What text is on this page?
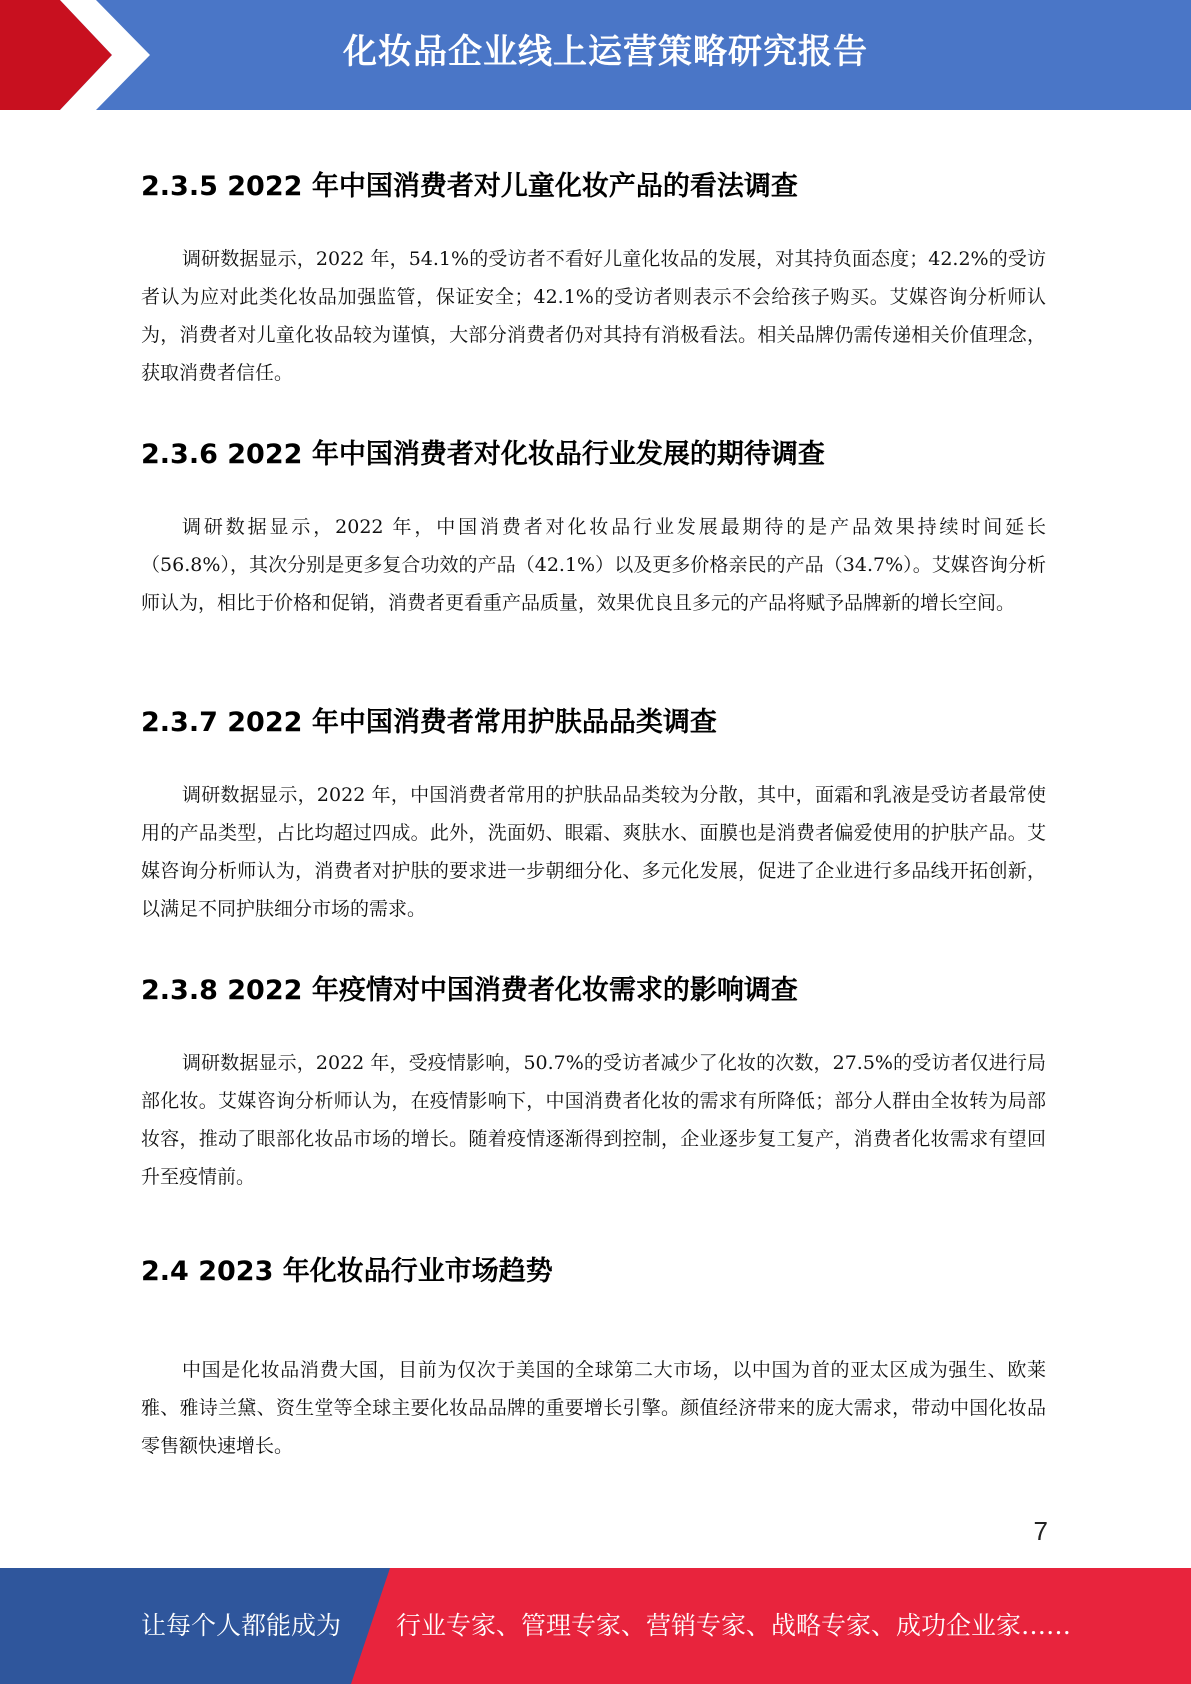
化妆品企业线上运营策略研究报告
2.3.5 2022 年中国消费者对儿童化妆产品的看法调查

调研数据显示，2022 年，54.1%的受访者不看好儿童化妆品的发展，对其持负面态度；42.2%的受访者认为应对此类化妆品加强监管，保证安全；42.1%的受访者则表示不会给孩子购买。艾媒咨询分析师认为，消费者对儿童化妆品较为谨慎，大部分消费者仍对其持有消极看法。相关品牌仍需传递相关价值理念，获取消费者信任。

2.3.6 2022 年中国消费者对化妆品行业发展的期待调查

调研数据显示，2022 年，中国消费者对化妆品行业发展最期待的是产品效果持续时间延长（56.8%），其次分别是更多复合功效的产品（42.1%）以及更多价格亲民的产品（34.7%）。艾媒咨询分析师认为，相比于价格和促销，消费者更看重产品质量，效果优良且多元的产品将赋予品牌新的增长空间。

2.3.7 2022 年中国消费者常用护肤品品类调查

调研数据显示，2022 年，中国消费者常用的护肤品品类较为分散，其中，面霜和乳液是受访者最常使用的产品类型，占比均超过四成。此外，洗面奶、眼霜、爽肤水、面膜也是消费者偏爱使用的护肤产品。艾媒咨询分析师认为，消费者对护肤的要求进一步朝细分化、多元化发展，促进了企业进行多品线开拓创新，以满足不同护肤细分市场的需求。

2.3.8 2022 年疫情对中国消费者化妆需求的影响调查

调研数据显示，2022 年，受疫情影响，50.7%的受访者减少了化妆的次数，27.5%的受访者仅进行局部化妆。艾媒咨询分析师认为，在疫情影响下，中国消费者化妆的需求有所降低；部分人群由全妆转为局部妆容，推动了眼部化妆品市场的增长。随着疫情逐渐得到控制，企业逐步复工复产，消费者化妆需求有望回升至疫情前。

2.4 2023 年化妆品行业市场趋势

中国是化妆品消费大国，目前为仅次于美国的全球第二大市场，以中国为首的亚太区成为强生、欧莱雅、雅诗兰黛、资生堂等全球主要化妆品品牌的重要增长引擎。颜值经济带来的庞大需求，带动中国化妆品零售额快速增长。

7
让每个人都能成为 行业专家、管理专家、营销专家、战略专家、成功企业家……
